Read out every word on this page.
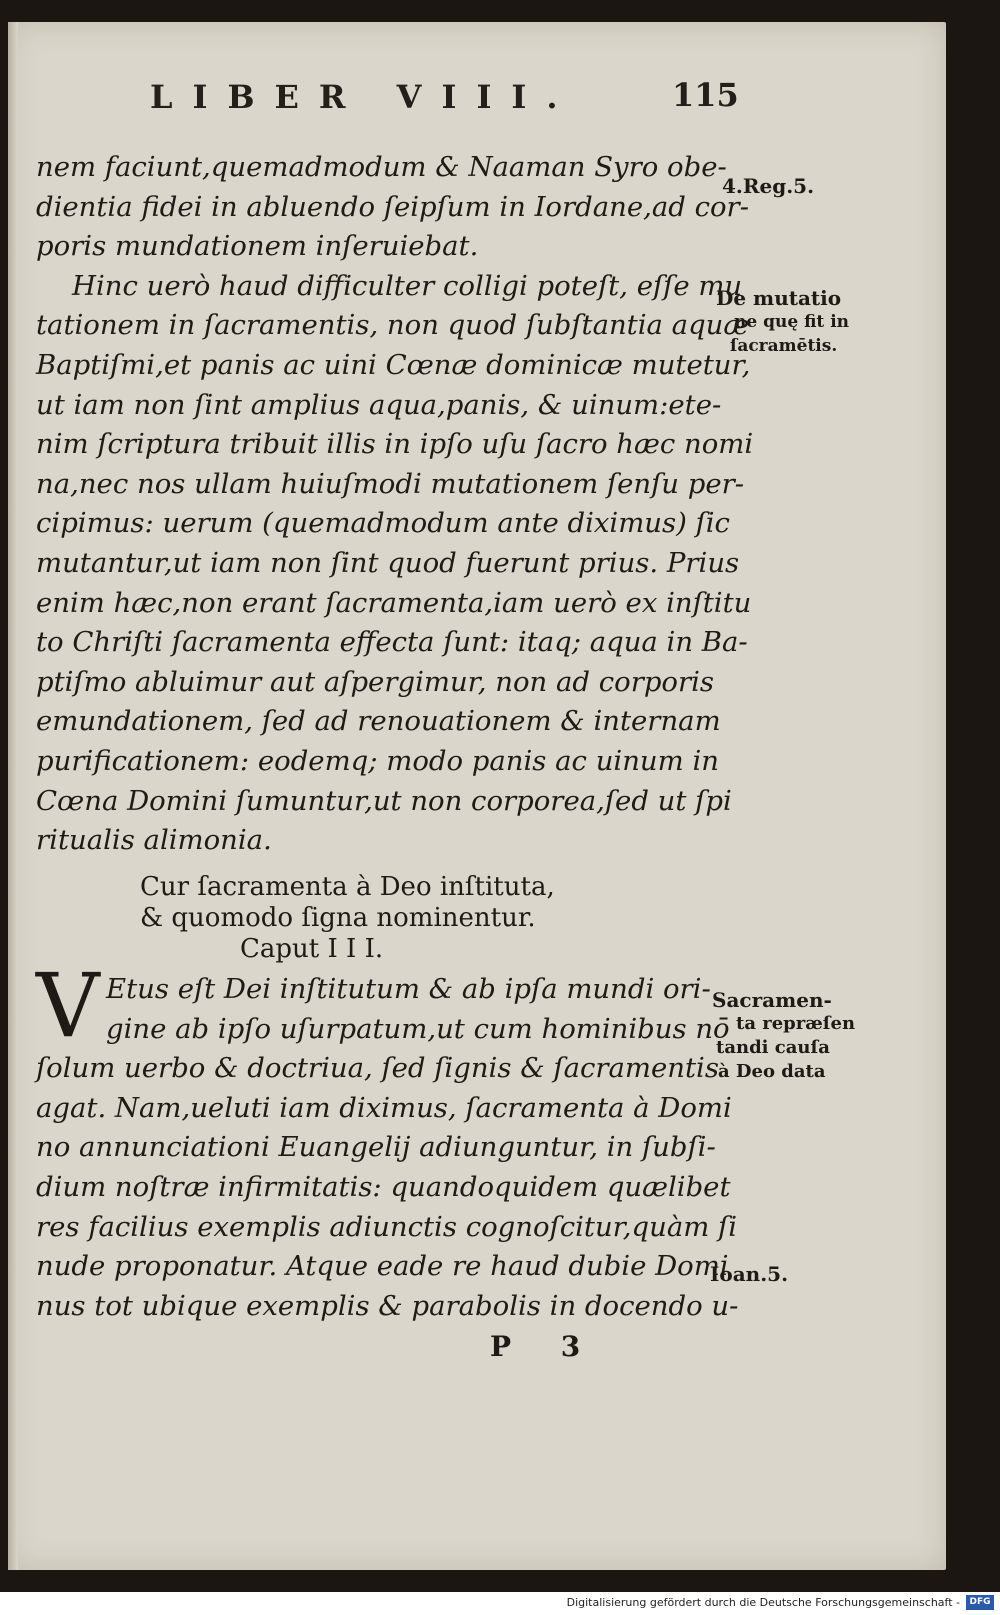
LIBER VIII.	115
nem faciunt,quemadmodum & Naaman Syro obe-
dientia fidei in abluendo ſeipſum in Iordane,ad cor-
poris mundationem inſeruiebat.
Hinc uerò haud difficulter colligi poteſt, eſſe mu
tationem in ſacramentis, non quod ſubſtantia aquæ
Baptiſmi,et panis ac uini Cœnæ dominicæ mutetur,
ut iam non ſint amplius aqua,panis, & uinum:ete-
nim ſcriptura tribuit illis in ipſo uſu ſacro hæc nomi
na,nec nos ullam huiuſmodi mutationem ſenſu per-
cipimus: uerum (quemadmodum ante diximus) ſic
mutantur,ut iam non ſint quod fuerunt prius. Prius
enim hæc,non erant ſacramenta,iam uerò ex inſtitu
to Chriſti ſacramenta effecta ſunt: itaq; aqua in Ba-
ptiſmo abluimur aut aſpergimur, non ad corporis
emundationem, ſed ad renouationem & internam
purificationem: eodemq; modo panis ac uinum in
Cœna Domini ſumuntur,ut non corporea,ſed ut ſpi
ritualis alimonia.
Cur ſacramenta à Deo inſtituta,
& quomodo ſigna nominentur.
Caput I I I.
V Etus eſt Dei inſtitutum & ab ipſa mundi ori-
gine ab ipſo uſurpatum,ut cum hominibus nō
ſolum uerbo & doctriua, ſed ſignis & ſacramentis
agat. Nam,ueluti iam diximus, ſacramenta à Domi
no annunciationi Euangelij adiunguntur, in ſubſi-
dium noſtræ infirmitatis: quandoquidem quælibet
res facilius exemplis adiunctis cognoſcitur,quàm ſi
nude proponatur. Atque eade re haud dubie Domi
nus tot ubique exemplis & parabolis in docendo u-
4.Reg.5.
De mutatio
ne quę fit in
ſacramētis.
Sacramen-
ta repræſen
tandi cauſa
à Deo data
Ioan.5.
P 3
Digitalisierung gefördert durch die Deutsche Forschungsgemeinschaft -	DFG
